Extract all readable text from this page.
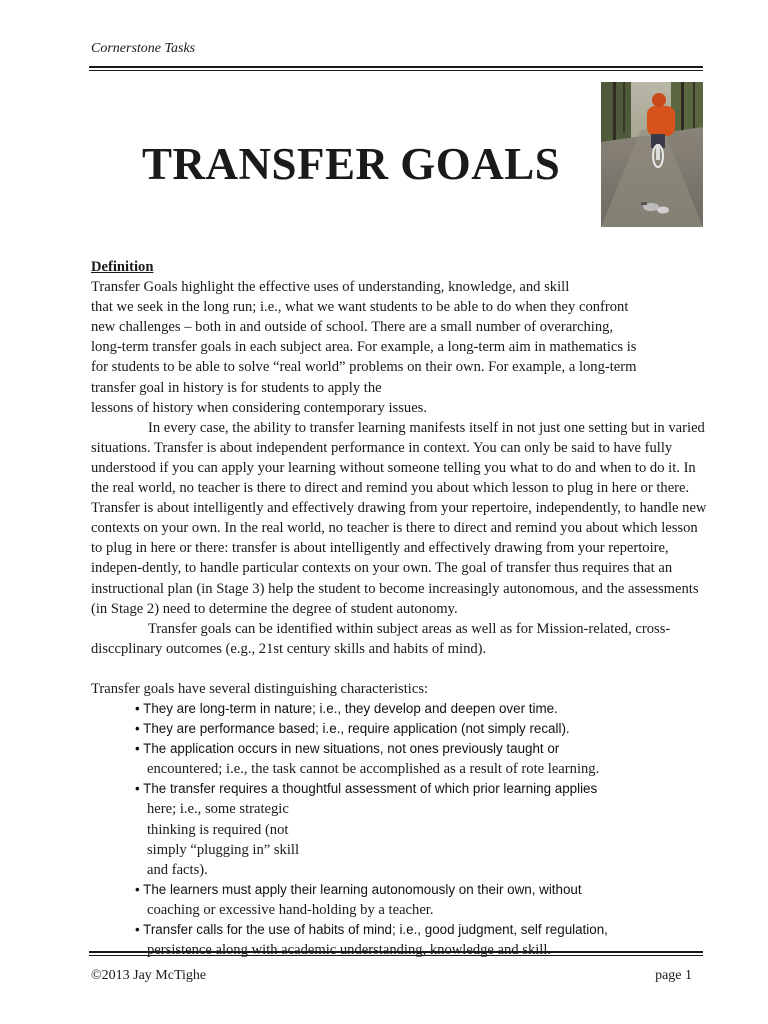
Cornerstone Tasks
TRANSFER GOALS

Definition

Transfer Goals highlight the effective uses of understanding, knowledge, and skill

that we seek in the long run; i.e., what we want students to be able to do when they confront

new challenges – both in and outside of school. There are a small number of overarching,

long-term transfer goals in each subject area. For example, a long-term aim in mathematics is

for students to be able to solve “real world” problems on their own. For example, a long-term

transfer goal in history is for students to apply the

lessons of history when considering contemporary issues.

In every case, the ability to transfer learning manifests itself in not just one setting but in varied situations. Transfer is about independent performance in context. You can only be said to have fully understood if you can apply your learning without someone telling you what to do and when to do it. In the real world, no teacher is there to direct and remind you about which lesson to plug in here or there. Transfer is about intelligently and effectively drawing from your repertoire, independently, to handle new contexts on your own. In the real world, no teacher is there to direct and remind you about which lesson to plug in here or there: transfer is about intelligently and effectively drawing from your repertoire, indepen-dently, to handle particular contexts on your own. The goal of transfer thus requires that an instructional plan (in Stage 3) help the student to become increasingly autonomous, and the assessments (in Stage 2) need to determine the degree of student autonomy.

Transfer goals can be identified within subject areas as well as for Mission-related, cross-disccplinary outcomes (e.g., 21st century skills and habits of mind).

Transfer goals have several distinguishing characteristics:

• They are long-term in nature; i.e., they develop and deepen over time.
• They are performance based; i.e., require application (not simply recall).
• The application occurs in new situations, not ones previously taught or
encountered; i.e., the task cannot be accomplished as a result of rote learning.
• The transfer requires a thoughtful assessment of which prior learning applies
here; i.e., some strategic thinking is required (not simply “plugging in” skill and facts).
• The learners must apply their learning autonomously on their own, without
coaching or excessive hand-holding by a teacher.
• Transfer calls for the use of habits of mind; i.e., good judgment, self regulation,
persistence along with academic understanding, knowledge and skill.
©2013 Jay McTighe	page 1
